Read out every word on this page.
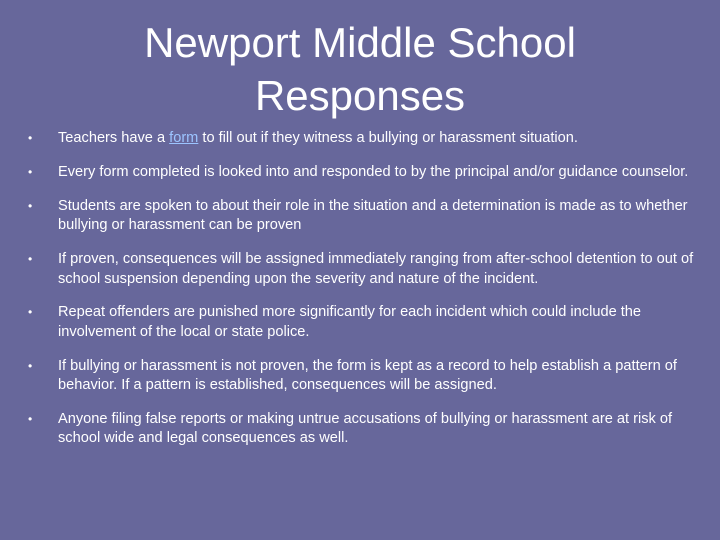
Newport Middle School
Responses
• Teachers have a form to fill out if they witness a bullying or harassment situation.
• Every form completed is looked into and responded to by the principal and/or guidance counselor.
• Students are spoken to about their role in the situation and a determination is made as to whether bullying or harassment can be proven
• If proven, consequences will be assigned immediately ranging from after-school detention to out of school suspension depending upon the severity and nature of the incident.
• Repeat offenders are punished more significantly for each incident which could include the involvement of the local or state police.
• If bullying or harassment is not proven, the form is kept as a record to help establish a pattern of behavior. If a pattern is established, consequences will be assigned.
• Anyone filing false reports or making untrue accusations of bullying or harassment are at risk of school wide and legal consequences as well.
